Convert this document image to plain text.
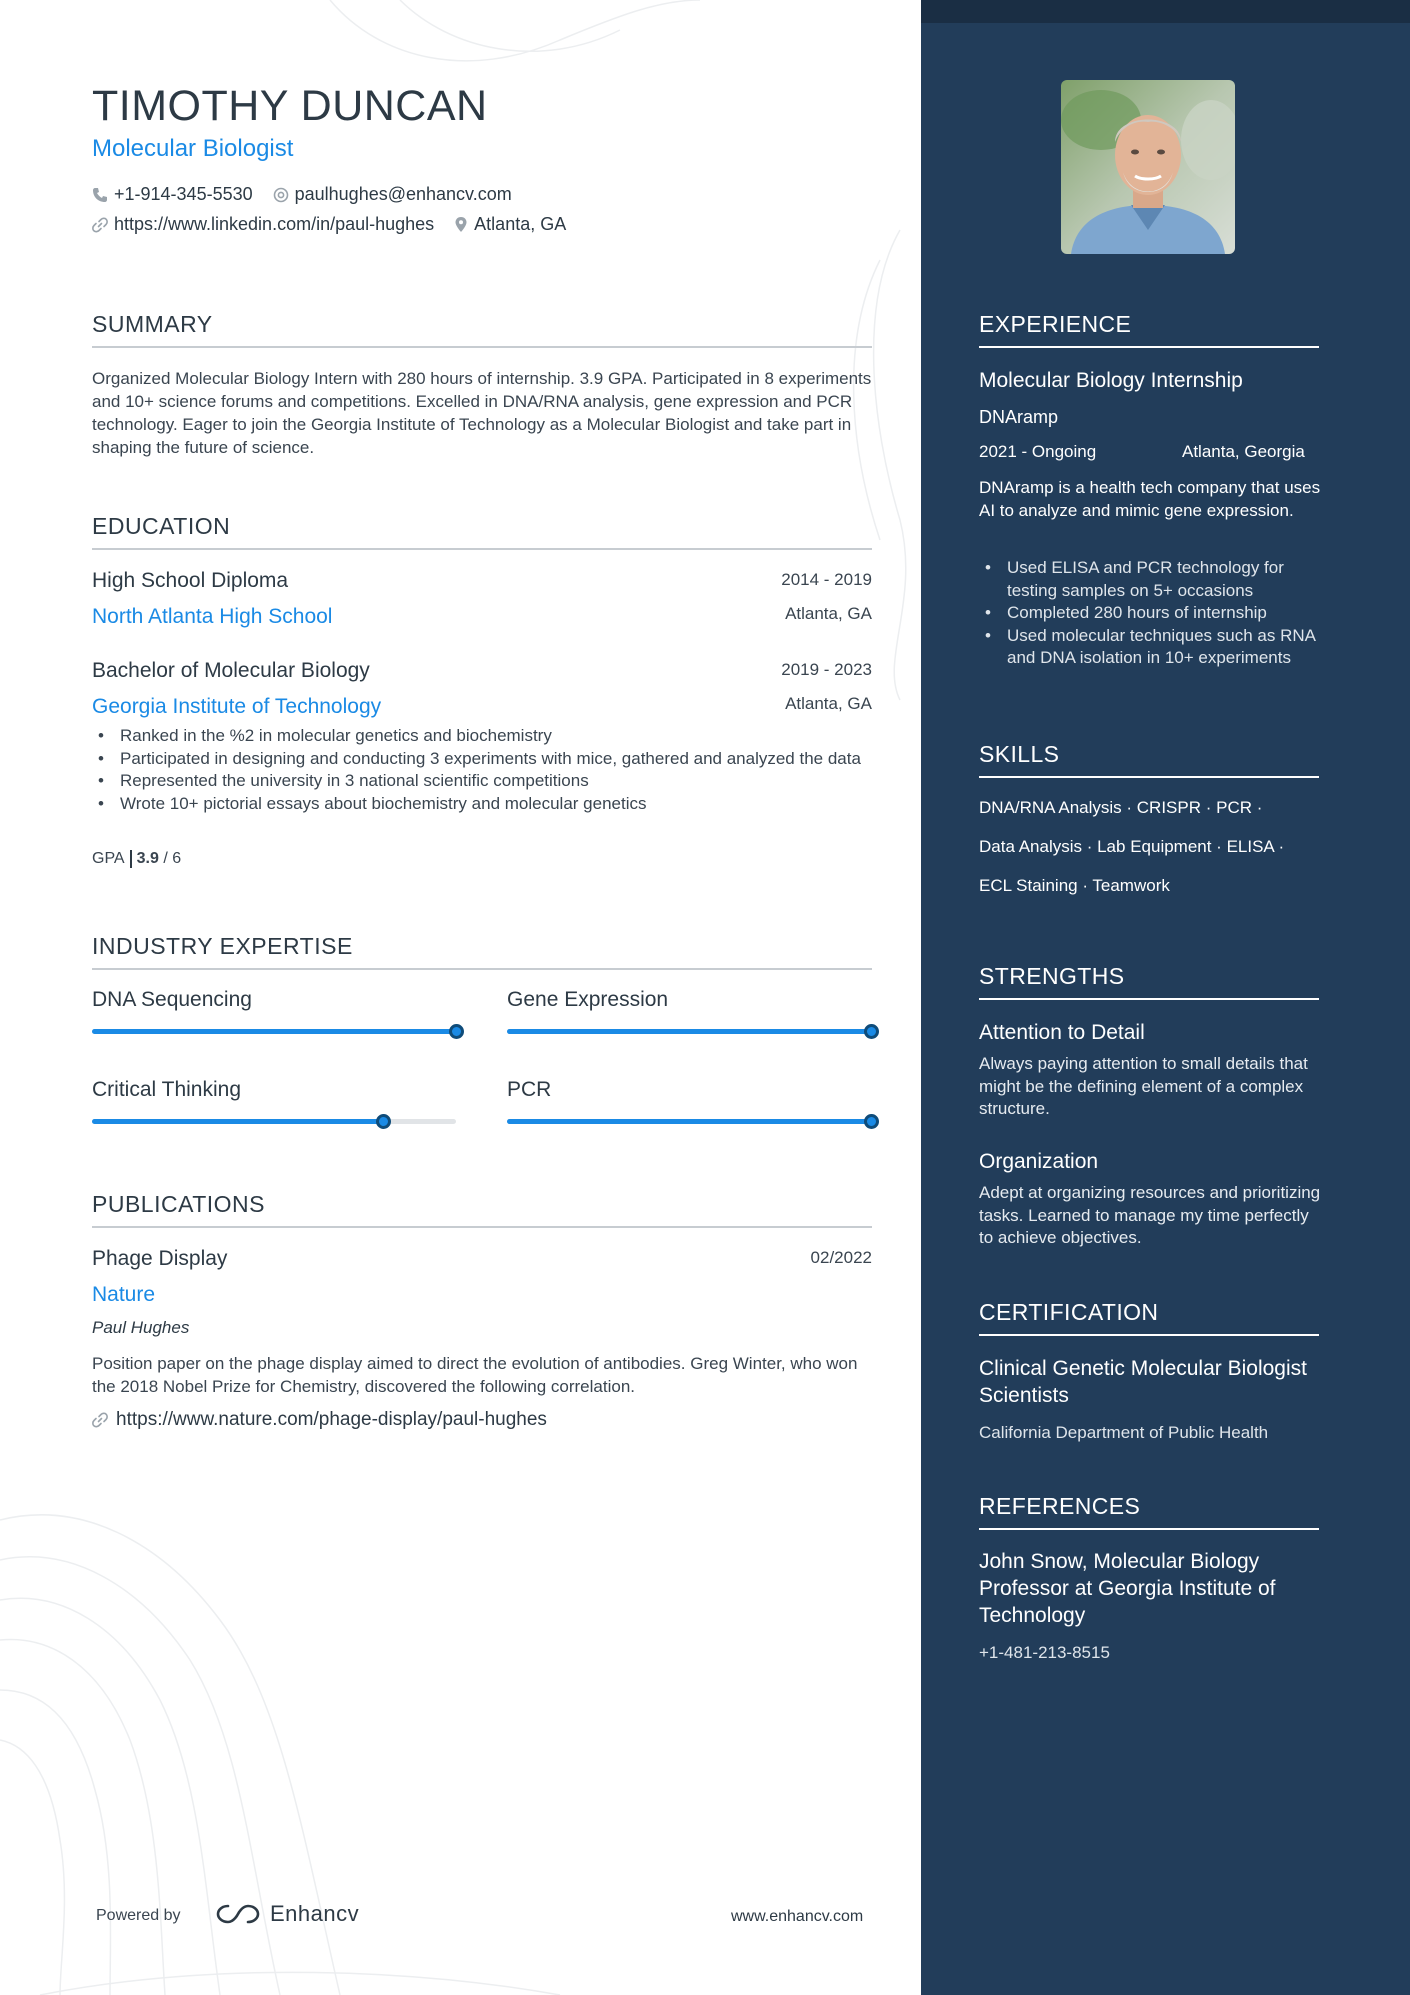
TIMOTHY DUNCAN
Molecular Biologist
+1-914-345-5530 paulhughes@enhancv.com
https://www.linkedin.com/in/paul-hughes Atlanta, GA
SUMMARY
Organized Molecular Biology Intern with 280 hours of internship. 3.9 GPA. Participated in 8 experiments and 10+ science forums and competitions. Excelled in DNA/RNA analysis, gene expression and PCR technology. Eager to join the Georgia Institute of Technology as a Molecular Biologist and take part in shaping the future of science.
EDUCATION
High School Diploma	2014 - 2019
North Atlanta High School	Atlanta, GA
Bachelor of Molecular Biology	2019 - 2023
Georgia Institute of Technology	Atlanta, GA
• Ranked in the %2 in molecular genetics and biochemistry
• Participated in designing and conducting 3 experiments with mice, gathered and analyzed the data
• Represented the university in 3 national scientific competitions
• Wrote 10+ pictorial essays about biochemistry and molecular genetics
GPA 3.9 / 6
INDUSTRY EXPERTISE
DNA Sequencing	Gene Expression
Critical Thinking	PCR
PUBLICATIONS
Phage Display	02/2022
Nature
Paul Hughes
Position paper on the phage display aimed to direct the evolution of antibodies. Greg Winter, who won the 2018 Nobel Prize for Chemistry, discovered the following correlation.
https://www.nature.com/phage-display/paul-hughes
Powered by	Enhancv	www.enhancv.com
EXPERIENCE
Molecular Biology Internship
DNAramp
2021 - Ongoing	Atlanta, Georgia
DNAramp is a health tech company that uses AI to analyze and mimic gene expression.
• Used ELISA and PCR technology for testing samples on 5+ occasions
• Completed 280 hours of internship
• Used molecular techniques such as RNA and DNA isolation in 10+ experiments
SKILLS
DNA/RNA Analysis · CRISPR · PCR ·
Data Analysis · Lab Equipment · ELISA ·
ECL Staining · Teamwork
STRENGTHS
Attention to Detail
Always paying attention to small details that might be the defining element of a complex structure.
Organization
Adept at organizing resources and prioritizing tasks. Learned to manage my time perfectly to achieve objectives.
CERTIFICATION
Clinical Genetic Molecular Biologist Scientists
California Department of Public Health
REFERENCES
John Snow, Molecular Biology Professor at Georgia Institute of Technology
+1-481-213-8515
